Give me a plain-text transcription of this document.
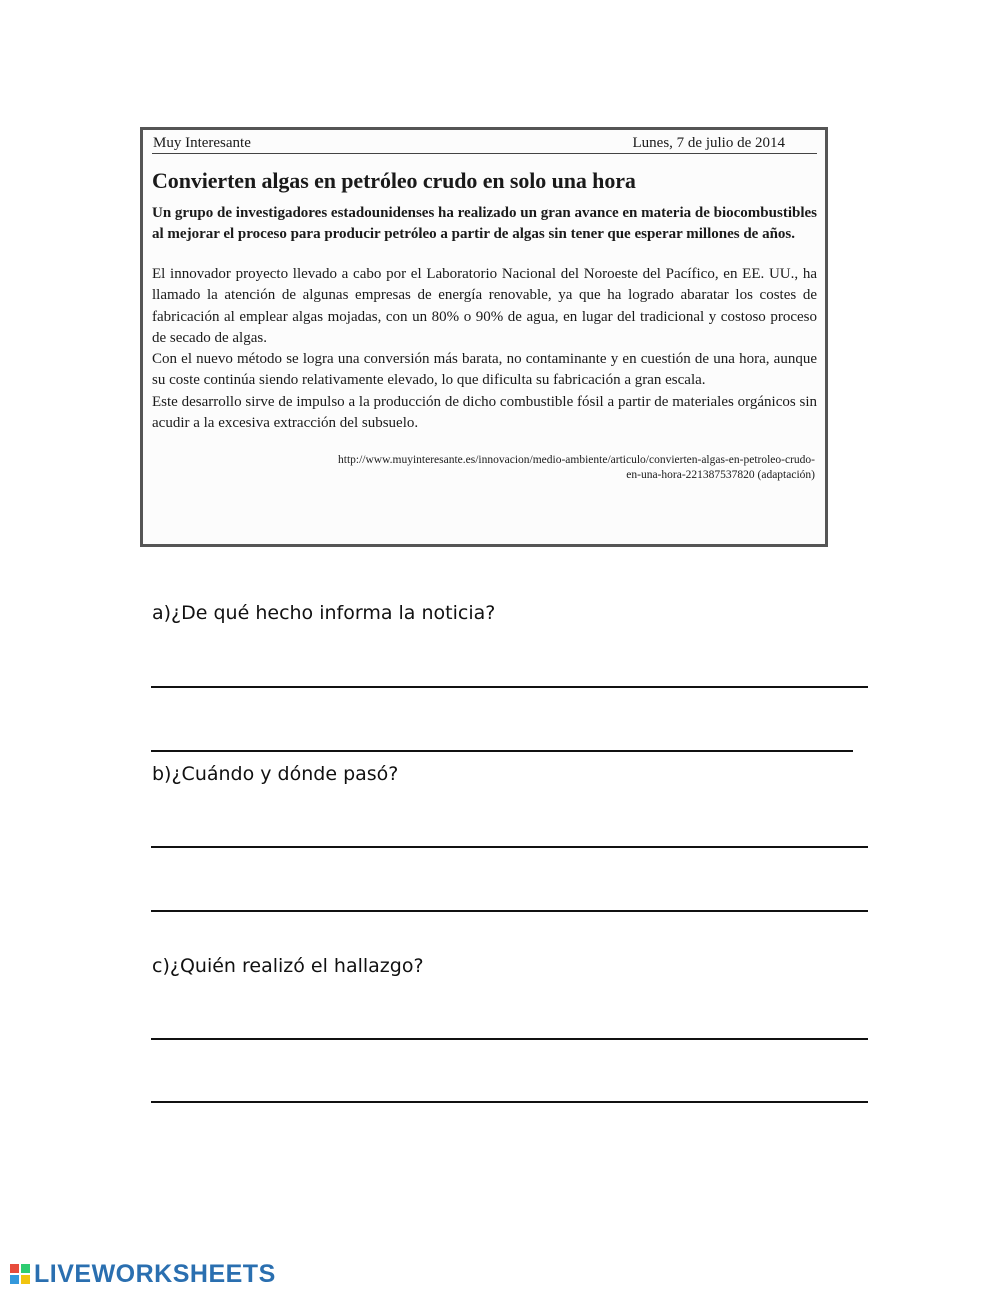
Muy Interesante	Lunes, 7 de julio de 2014
Convierten algas en petróleo crudo en solo una hora
Un grupo de investigadores estadounidenses ha realizado un gran avance en materia de biocombustibles al mejorar el proceso para producir petróleo a partir de algas sin tener que esperar millones de años.

El innovador proyecto llevado a cabo por el Laboratorio Nacional del Noroeste del Pacífico, en EE. UU., ha llamado la atención de algunas empresas de energía renovable, ya que ha logrado abaratar los costes de fabricación al emplear algas mojadas, con un 80% o 90% de agua, en lugar del tradicional y costoso proceso de secado de algas.

Con el nuevo método se logra una conversión más barata, no contaminante y en cuestión de una hora, aunque su coste continúa siendo relativamente elevado, lo que dificulta su fabricación a gran escala.

Este desarrollo sirve de impulso a la producción de dicho combustible fósil a partir de materiales orgánicos sin acudir a la excesiva extracción del subsuelo.

http://www.muyinteresante.es/innovacion/medio-ambiente/articulo/convierten-algas-en-petroleo-crudo-
en-una-hora-221387537820 (adaptación)
a)¿De qué hecho informa la noticia?
b)¿Cuándo y dónde pasó?
c)¿Quién realizó el hallazgo?
LIVEWORKSHEETS
